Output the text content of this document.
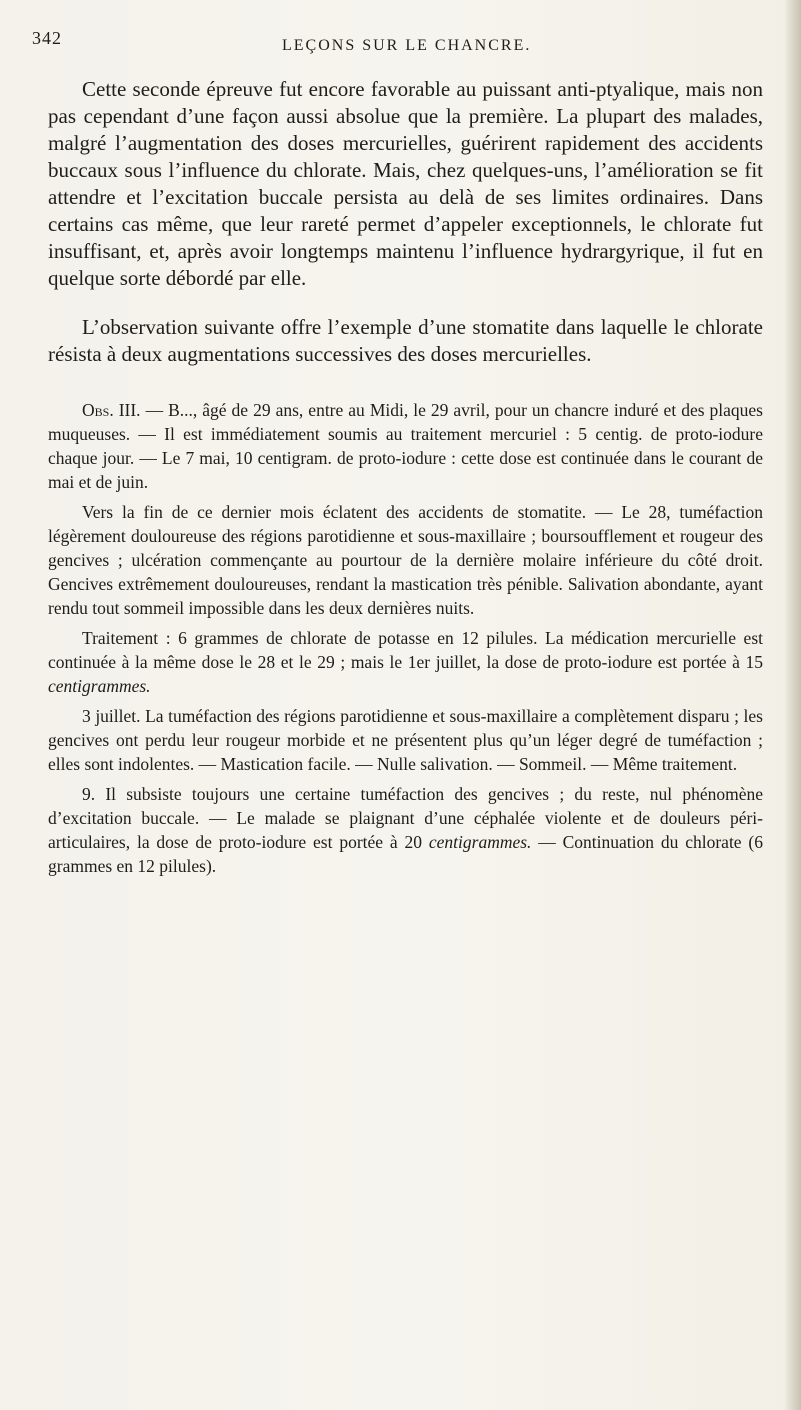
342	LEÇONS SUR LE CHANCRE.

Cette seconde épreuve fut encore favorable au puissant anti-ptyalique, mais non pas cependant d’une façon aussi absolue que la première. La plupart des malades, malgré l’augmentation des doses mercurielles, guérirent rapidement des accidents buccaux sous l’influence du chlorate. Mais, chez quelques-uns, l’amélioration se fit attendre et l’excitation buccale persista au delà de ses limites ordinaires. Dans certains cas même, que leur rareté permet d’appeler exceptionnels, le chlorate fut insuffisant, et, après avoir longtemps maintenu l’influence hydrargyrique, il fut en quelque sorte débordé par elle.

L’observation suivante offre l’exemple d’une stomatite dans laquelle le chlorate résista à deux augmentations successives des doses mercurielles.

Obs. III. — B..., âgé de 29 ans, entre au Midi, le 29 avril, pour un chancre induré et des plaques muqueuses. — Il est immédiatement soumis au traitement mercuriel : 5 centig. de proto-iodure chaque jour. — Le 7 mai, 10 centigram. de proto-iodure : cette dose est continuée dans le courant de mai et de juin.

Vers la fin de ce dernier mois éclatent des accidents de stomatite. — Le 28, tuméfaction légèrement douloureuse des régions parotidienne et sous-maxillaire ; boursoufflement et rougeur des gencives ; ulcération commençante au pourtour de la dernière molaire inférieure du côté droit. Gencives extrêmement douloureuses, rendant la mastication très pénible. Salivation abondante, ayant rendu tout sommeil impossible dans les deux dernières nuits.

Traitement : 6 grammes de chlorate de potasse en 12 pilules. La médication mercurielle est continuée à la même dose le 28 et le 29 ; mais le 1er juillet, la dose de proto-iodure est portée à 15 centigrammes.

3 juillet. La tuméfaction des régions parotidienne et sous-maxillaire a complètement disparu ; les gencives ont perdu leur rougeur morbide et ne présentent plus qu’un léger degré de tuméfaction ; elles sont indolentes. — Mastication facile. — Nulle salivation. — Sommeil. — Même traitement.

9. Il subsiste toujours une certaine tuméfaction des gencives ; du reste, nul phénomène d’excitation buccale. — Le malade se plaignant d’une céphalée violente et de douleurs péri-articulaires, la dose de proto-iodure est portée à 20 centigrammes. — Continuation du chlorate (6 grammes en 12 pilules).
